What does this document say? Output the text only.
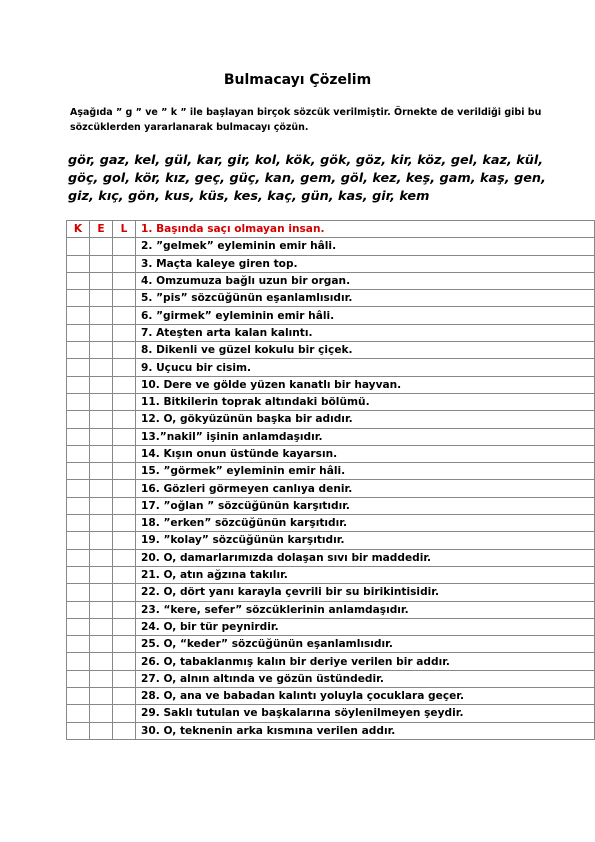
Bulmacayı Çözelim
Aşağıda ” g ” ve ” k ” ile başlayan birçok sözcük verilmiştir. Örnekte de verildiği gibi bu sözcüklerden yararlanarak bulmacayı çözün.
gör, gaz, kel, gül, kar, gir, kol, kök, gök, göz, kir, köz, gel, kaz, kül,
göç, gol, kör, kız, geç, güç, kan, gem, göl, kez, keş, gam, kaş, gen,
giz, kıç, gön, kus, küs, kes, kaç, gün, kas, gir, kem
K	E	L	1. Başında saçı olmayan insan.
			2. ”gelmek” eyleminin emir hâli.
			3. Maçta kaleye giren top.
			4. Omzumuza bağlı uzun bir organ.
			5. ”pis” sözcüğünün eşanlamlısıdır.
			6. ”girmek” eyleminin emir hâli.
			7. Ateşten arta kalan kalıntı.
			8. Dikenli ve güzel kokulu bir çiçek.
			9. Uçucu bir cisim.
			10. Dere ve gölde yüzen kanatlı bir hayvan.
			11. Bitkilerin toprak altındaki bölümü.
			12. O, gökyüzünün başka bir adıdır.
			13.”nakil” işinin anlamdaşıdır.
			14. Kışın onun üstünde kayarsın.
			15. ”görmek” eyleminin emir hâli.
			16. Gözleri görmeyen canlıya denir.
			17. ”oğlan ” sözcüğünün karşıtıdır.
			18. ”erken” sözcüğünün karşıtıdır.
			19. ”kolay” sözcüğünün karşıtıdır.
			20. O, damarlarımızda dolaşan sıvı bir maddedir.
			21. O, atın ağzına takılır.
			22. O, dört yanı karayla çevrili bir su birikintisidir.
			23. “kere, sefer” sözcüklerinin anlamdaşıdır.
			24. O, bir tür peynirdir.
			25. O, “keder” sözcüğünün eşanlamlısıdır.
			26. O, tabaklanmış kalın bir deriye verilen bir addır.
			27. O, alnın altında ve gözün üstündedir.
			28. O, ana ve babadan kalıntı yoluyla çocuklara geçer.
			29. Saklı tutulan ve başkalarına söylenilmeyen şeydir.
			30. O, teknenin arka kısmına verilen addır.
